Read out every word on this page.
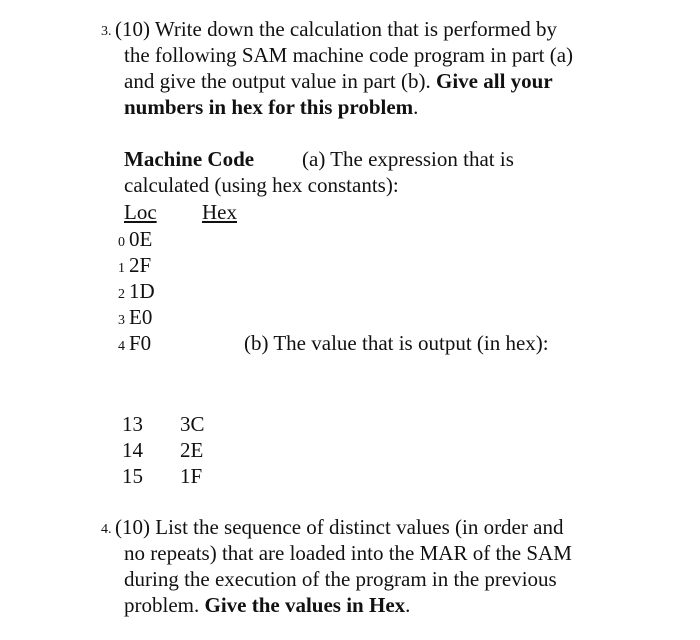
3. (10) Write down the calculation that is performed by
the following SAM machine code program in part (a)
and give the output value in part (b). Give all your
numbers in hex for this problem.
Machine Code (a) The expression that is
calculated (using hex constants):
Loc Hex
0 0E
1 2F
2 1D
3 E0
4 F0	(b) The value that is output (in hex):
13 3C
14 2E
15 1F
4. (10) List the sequence of distinct values (in order and
no repeats) that are loaded into the MAR of the SAM
during the execution of the program in the previous
problem. Give the values in Hex.
